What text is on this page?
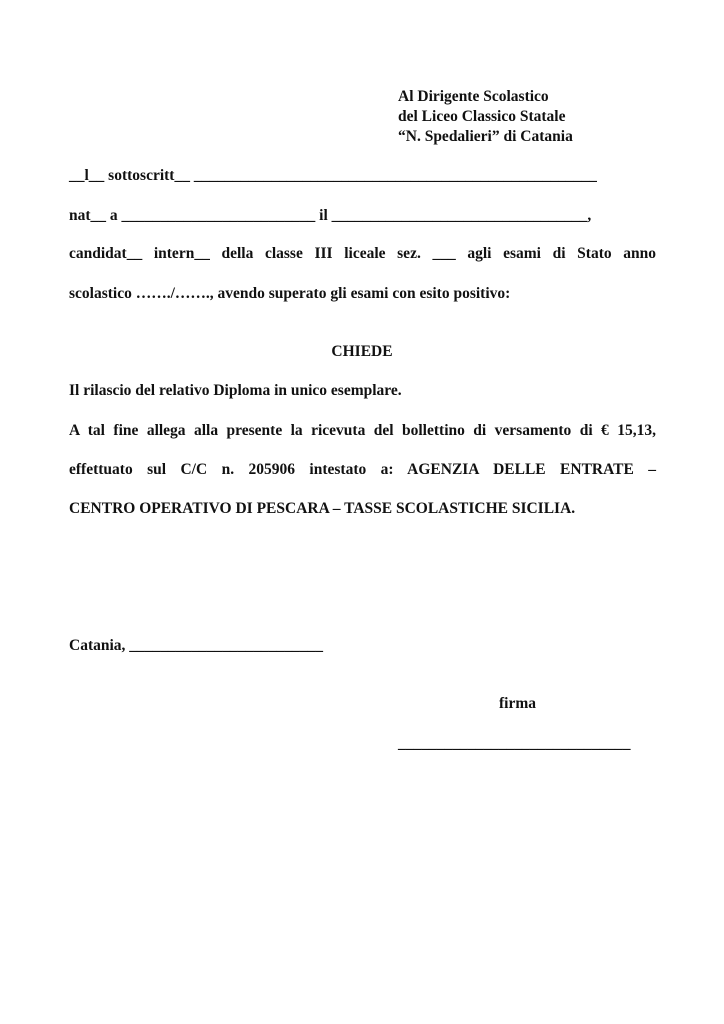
Al Dirigente Scolastico
del Liceo Classico Statale
“N. Spedalieri” di Catania
__l__ sottoscritt__ ____________________________________________________
nat__ a _________________________ il _________________________________,
candidat__ intern__ della classe III liceale sez. ___ agli esami di Stato anno
scolastico ……./……., avendo superato gli esami con esito positivo:
CHIEDE
Il rilascio del relativo Diploma in unico esemplare.
A tal fine allega alla presente la ricevuta del bollettino di versamento di € 15,13,
effettuato sul C/C n. 205906 intestato a: AGENZIA DELLE ENTRATE –
CENTRO OPERATIVO DI PESCARA – TASSE SCOLASTICHE SICILIA.
Catania, _________________________
firma
______________________________
